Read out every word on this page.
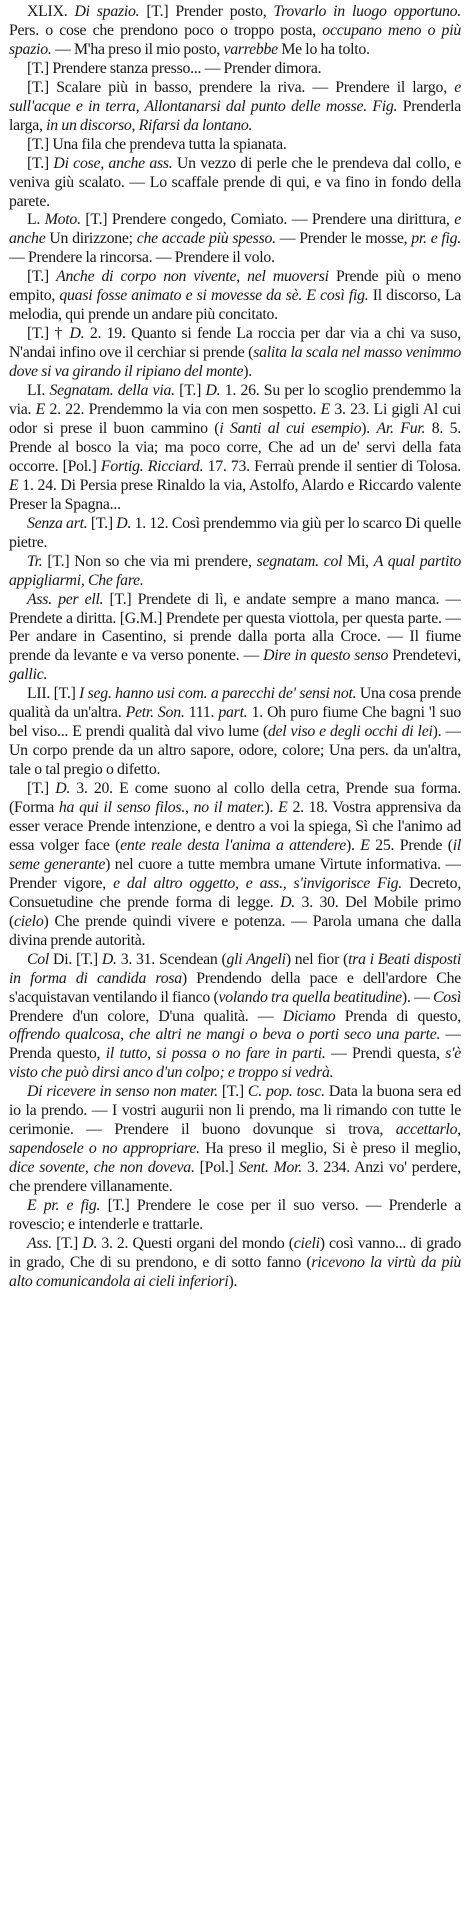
XLIX. Di spazio. [T.] Prender posto, Trovarlo in luogo opportuno. Pers. o cose che prendono poco o troppo posta, occupano meno o più spazio. — M'ha preso il mio posto, varrebbe Me lo ha tolto.

[T.] Prendere stanza presso... — Prender dimora.

[T.] Scalare più in basso, prendere la riva. — Prendere il largo, e sull'acque e in terra, Allontanarsi dal punto delle mosse. Fig. Prenderla larga, in un discorso, Rifarsi da lontano.

[T.] Una fila che prendeva tutta la spianata.

[T.] Di cose, anche ass. Un vezzo di perle che le prendeva dal collo, e veniva giù scalato. — Lo scaffale prende di qui, e va fino in fondo della parete.

L. Moto. [T.] Prendere congedo, Comiato. — Prendere una dirittura, e anche Un dirizzone; che accade più spesso. — Prender le mosse, pr. e fig. — Prendere la rincorsa. — Prendere il volo.

[T.] Anche di corpo non vivente, nel muoversi Prende più o meno empito, quasi fosse animato e si movesse da sè. E così fig. Il discorso, La melodia, qui prende un andare più concitato.

[T.] † D. 2. 19. Quanto si fende La roccia per dar via a chi va suso, N'andai infino ove il cerchiar si prende (salita la scala nel masso venimmo dove si va girando il ripiano del monte).

LI. Segnatam. della via. [T.] D. 1. 26. Su per lo scoglio prendemmo la via. E 2. 22. Prendemmo la via con men sospetto. E 3. 23. Li gigli Al cui odor si prese il buon cammino (i Santi al cui esempio). Ar. Fur. 8. 5. Prende al bosco la via; ma poco corre, Che ad un de' servi della fata occorre. [Pol.] Fortig. Ricciard. 17. 73. Ferraù prende il sentier di Tolosa. E 1. 24. Di Persia prese Rinaldo la via, Astolfo, Alardo e Riccardo valente Preser la Spagna...

Senza art. [T.] D. 1. 12. Così prendemmo via giù per lo scarco Di quelle pietre.

Tr. [T.] Non so che via mi prendere, segnatam. col Mi, A qual partito appigliarmi, Che fare.

Ass. per ell. [T.] Prendete di lì, e andate sempre a mano manca. — Prendete a diritta. [G.M.] Prendete per questa viottola, per questa parte. — Per andare in Casentino, si prende dalla porta alla Croce. — Il fiume prende da levante e va verso ponente. — Dire in questo senso Prendetevi, gallic.

LII. [T.] I seg. hanno usi com. a parecchi de' sensi not. Una cosa prende qualità da un'altra. Petr. Son. 111. part. 1. Oh puro fiume Che bagni 'l suo bel viso... E prendi qualità dal vivo lume (del viso e degli occhi di lei). — Un corpo prende da un altro sapore, odore, colore; Una pers. da un'altra, tale o tal pregio o difetto.

[T.] D. 3. 20. E come suono al collo della cetra, Prende sua forma. (Forma ha qui il senso filos., no il mater.). E 2. 18. Vostra apprensiva da esser verace Prende intenzione, e dentro a voi la spiega, Sì che l'animo ad essa volger face (ente reale desta l'anima a attendere). E 25. Prende (il seme generante) nel cuore a tutte membra umane Virtute informativa. — Prender vigore, e dal altro oggetto, e ass., s'invigorisce Fig. Decreto, Consuetudine che prende forma di legge. D. 3. 30. Del Mobile primo (cielo) Che prende quindi vivere e potenza. — Parola umana che dalla divina prende autorità.

Col Di. [T.] D. 3. 31. Scendean (gli Angeli) nel fior (tra i Beati disposti in forma di candida rosa) Prendendo della pace e dell'ardore Che s'acquistavan ventilando il fianco (volando tra quella beatitudine). — Così Prendere d'un colore, D'una qualità. — Diciamo Prenda di questo, offrendo qualcosa, che altri ne mangi o beva o porti seco una parte. — Prenda questo, il tutto, si possa o no fare in parti. — Prendi questa, s'è visto che può dirsi anco d'un colpo; e troppo si vedrà.

Di ricevere in senso non mater. [T.] C. pop. tosc. Data la buona sera ed io la prendo. — I vostri augurii non li prendo, ma li rimando con tutte le cerimonie. — Prendere il buono dovunque si trova, accettarlo, sapendosele o no appropriare. Ha preso il meglio, Si è preso il meglio, dice sovente, che non doveva. [Pol.] Sent. Mor. 3. 234. Anzi vo' perdere, che prendere villanamente.

E pr. e fig. [T.] Prendere le cose per il suo verso. — Prenderle a rovescio; e intenderle e trattarle.

Ass. [T.] D. 3. 2. Questi organi del mondo (cieli) così vanno... di grado in grado, Che di su prendono, e di sotto fanno (ricevono la virtù da più alto comunicandola ai cieli inferiori).
